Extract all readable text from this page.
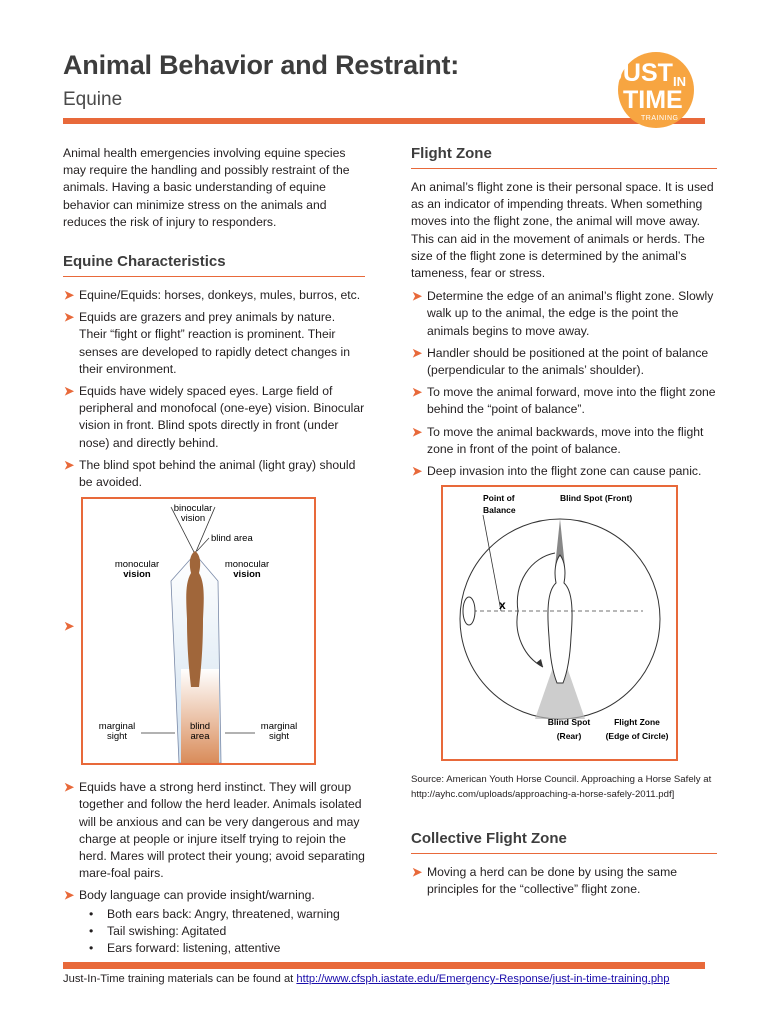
Animal Behavior and Restraint:
Equine
JUST IN
TIME
TRAINING

Animal health emergencies involving equine species may require the handling and possibly restraint of the animals. Having a basic understanding of equine behavior can minimize stress on the animals and reduces the risk of injury to responders.

Equine Characteristics
➤ Equine/Equids: horses, donkeys, mules, burros, etc.
➤ Equids are grazers and prey animals by nature. Their “fight or flight” reaction is prominent. Their senses are developed to rapidly detect changes in their environment.
➤ Equids have widely spaced eyes. Large field of peripheral and monofocal (one-eye) vision. Binocular vision in front. Blind spots directly in front (under nose) and directly behind.
➤ The blind spot behind the animal (light gray) should be avoided.
➤
binocular
vision
blind area
monocular
vision
monocular
vision
marginal
sight
blind
area
marginal
sight
➤ Equids have a strong herd instinct. They will group together and follow the herd leader. Animals isolated will be anxious and can be very dangerous and may charge at people or injure itself trying to rejoin the herd. Mares will protect their young; avoid separating mare-foal pairs.
➤ Body language can provide insight/warning.
• Both ears back: Angry, threatened, warning
• Tail swishing: Agitated
• Ears forward: listening, attentive
Flight Zone

An animal’s flight zone is their personal space. It is used as an indicator of impending threats. When something moves into the flight zone, the animal will move away. This can aid in the movement of animals or herds. The size of the flight zone is determined by the animal’s tameness, fear or stress.

➤ Determine the edge of an animal’s flight zone. Slowly walk up to the animal, the edge is the point the animals begins to move away.
➤ Handler should be positioned at the point of balance (perpendicular to the animals’ shoulder).
➤ To move the animal forward, move into the flight zone behind the “point of balance”.
➤ To move the animal backwards, move into the flight zone in front of the point of balance.
➤ Deep invasion into the flight zone can cause panic.
x
Point of
Balance
Blind Spot (Front)
Blind Spot
(Rear)
Flight Zone
(Edge of Circle)

Source: American Youth Horse Council. Approaching a Horse Safely at http://ayhc.com/uploads/approaching-a-horse-safely-2011.pdf]

Collective Flight Zone
➤ Moving a herd can be done by using the same principles for the “collective” flight zone.
Just-In-Time training materials can be found at http://www.cfsph.iastate.edu/Emergency-Response/just-in-time-training.php
